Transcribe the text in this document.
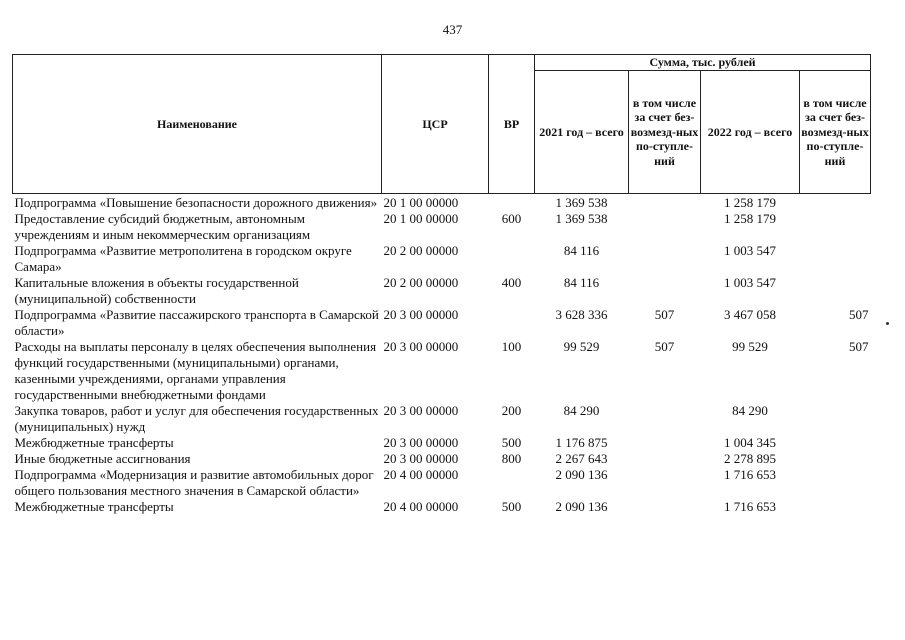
437
Наименование	ЦСР	ВР	Сумма, тыс. рублей			
			2021 год – всего	в том числе за счет без-возмезд-ных по-ступле-ний	2022 год – всего	в том числе за счет без-возмезд-ных по-ступле-ний
Подпрограмма «Повышение безопасности дорожного движения»	20 1 00 00000		1 369 538		1 258 179	
Предоставление субсидий бюджетным, автономным учреждениям и иным некоммерческим организациям	20 1 00 00000	600	1 369 538		1 258 179	
Подпрограмма «Развитие метрополитена в городском округе Самара»	20 2 00 00000		84 116		1 003 547	
Капитальные вложения в объекты государственной (муниципальной) собственности	20 2 00 00000	400	84 116		1 003 547	
Подпрограмма «Развитие пассажирского транспорта в Самарской области»	20 3 00 00000		3 628 336	507	3 467 058	507
Расходы на выплаты персоналу в целях обеспечения выполнения функций государственными (муниципальными) органами, казенными учреждениями, органами управления государственными внебюджетными фондами	20 3 00 00000	100	99 529	507	99 529	507
Закупка товаров, работ и услуг для обеспечения государственных (муниципальных) нужд	20 3 00 00000	200	84 290		84 290	
Межбюджетные трансферты	20 3 00 00000	500	1 176 875		1 004 345	
Иные бюджетные ассигнования	20 3 00 00000	800	2 267 643		2 278 895	
Подпрограмма «Модернизация и развитие автомобильных дорог общего пользования местного значения в Самарской области»	20 4 00 00000		2 090 136		1 716 653	
Межбюджетные трансферты	20 4 00 00000	500	2 090 136		1 716 653	
